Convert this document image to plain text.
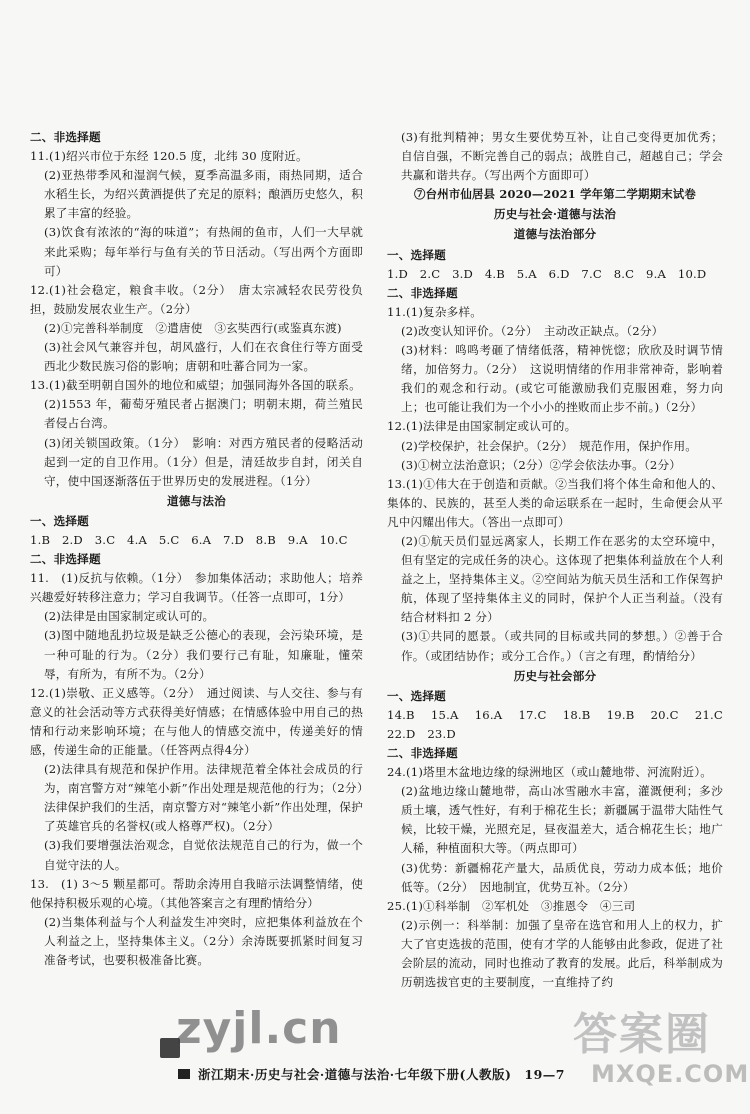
二、非选择题

11.(1)绍兴市位于东经 120.5 度，北纬 30 度附近。

(2)亚热带季风和湿润气候，夏季高温多雨，雨热同期，适合水稻生长，为绍兴黄酒提供了充足的原料；酿酒历史悠久，积累了丰富的经验。

(3)饮食有浓浓的“海的味道”；有热闹的鱼市，人们一大早就来此采购；每年举行与鱼有关的节日活动。（写出两个方面即可）

12.(1)社会稳定，粮食丰收。（2分）　唐太宗减轻农民劳役负担，鼓励发展农业生产。（2分）

(2)①完善科举制度　②遣唐使　③玄奘西行(或鉴真东渡)

(3)社会风气兼容并包，胡风盛行，人们在衣食住行等方面受西北少数民族习俗的影响；唐朝和吐蕃合同为一家。

13.(1)截至明朝自国外的地位和威望；加强同海外各国的联系。

(2)1553 年，葡萄牙殖民者占据澳门；明朝末期，荷兰殖民者侵占台湾。

(3)闭关锁国政策。（1分）　影响：对西方殖民者的侵略活动起到一定的自卫作用。（1分）但是，清廷故步自封，闭关自守，使中国逐渐落伍于世界历史的发展进程。（1分）

道德与法治

一、选择题

1.B　2.D　3.C　4.A　5.C　6.A　7.D　8.B　9.A　10.C

二、非选择题

11.　(1)反抗与依赖。（1分）　参加集体活动；求助他人；培养兴趣爱好转移注意力；学习自我调节。（任答一点即可，1分）

(2)法律是由国家制定或认可的。

(3)图中随地乱扔垃圾是缺乏公德心的表现，会污染环境，是一种可耻的行为。（2分）我们要行己有耻，知廉耻，懂荣辱，有所为，有所不为。（2分）

12.(1)崇敬、正义感等。（2分）　通过阅读、与人交往、参与有意义的社会活动等方式获得美好情感；在情感体验中用自己的热情和行动来影响环境；在与他人的情感交流中，传递美好的情感，传递生命的正能量。（任答两点得4分）

(2)法律具有规范和保护作用。法律规范着全体社会成员的行为，南宫警方对“辣笔小新”作出处理是规范他的行为；（2分）法律保护我们的生活，南京警方对“辣笔小新”作出处理，保护了英雄官兵的名誉权(或人格尊严权)。（2分）

(3)我们要增强法治观念，自觉依法规范自己的行为，做一个自觉守法的人。

13.　(1) 3～5 颗星都可。帮助余涛用自我暗示法调整情绪，使他保持积极乐观的心境。（其他答案言之有理酌情给分）

(2)当集体利益与个人利益发生冲突时，应把集体利益放在个人利益之上，坚持集体主义。（2分）余涛既要抓紧时间复习准备考试，也要积极准备比赛。

(3)有批判精神；男女生要优势互补，让自己变得更加优秀；自信自强，不断完善自己的弱点；战胜自己，超越自己；学会共赢和谐共存。（写出两个方面即可）

⑦台州市仙居县 2020—2021 学年第二学期期末试卷

历史与社会·道德与法治

道德与法治部分

一、选择题

1.D　2.C　3.D　4.B　5.A　6.D　7.C　8.C　9.A　10.D

二、非选择题

11.(1)复杂多样。

(2)改变认知评价。（2分）　主动改正缺点。（2分）

(3)材料：鸣鸣考砸了情绪低落，精神恍惚；欣欣及时调节情绪，加倍努力。（2分）　这说明情绪的作用非常神奇，影响着我们的观念和行动。(或它可能激励我们克服困难，努力向上；也可能让我们为一个小小的挫败而止步不前。)（2分）

12.(1)法律是由国家制定或认可的。

(2)学校保护，社会保护。（2分）　规范作用，保护作用。

(3)①树立法治意识；（2分）②学会依法办事。（2分）

13.(1)①伟大在于创造和贡献。②当我们将个体生命和他人的、集体的、民族的，甚至人类的命运联系在一起时，生命便会从平凡中闪耀出伟大。（答出一点即可）

(2)①航天员们显远离家人，长期工作在恶劣的太空环境中，但有坚定的完成任务的决心。这体现了把集体利益放在个人利益之上，坚持集体主义。②空间站为航天员生活和工作保驾护航，体现了坚持集体主义的同时，保护个人正当利益。（没有结合材料扣 2 分）

(3)①共同的愿景。（或共同的目标或共同的梦想。）②善于合作。（或团结协作；或分工合作。）（言之有理，酌情给分）

历史与社会部分

一、选择题

14.B　15.A　16.A　17.C　18.B　19.B　20.C　21.C　22.D　23.D

二、非选择题

24.(1)塔里木盆地边缘的绿洲地区（或山麓地带、河流附近）。

(2)盆地边缘山麓地带，高山冰雪融水丰富，灌溉便利；多沙质土壤，透气性好，有利于棉花生长；新疆属于温带大陆性气候，比较干燥，光照充足，昼夜温差大，适合棉花生长；地广人稀，种植面积大等。（两点即可）

(3)优势：新疆棉花产量大，品质优良，劳动力成本低；地价低等。（2分）　因地制宜，优势互补。（2分）

25.(1)①科举制　②军机处　③推恩令　④三司

(2)示例一：科举制：加强了皇帝在选官和用人上的权力，扩大了官吏选拔的范围，使有才学的人能够由此参政，促进了社会阶层的流动，同时也推动了教育的发展。此后，科举制成为历朝选拔官吏的主要制度，一直维持了约

zyjl.cn
浙江期末·历史与社会·道德与法治·七年级下册(人教版)　19—7
答案圈
MXQE.COM
